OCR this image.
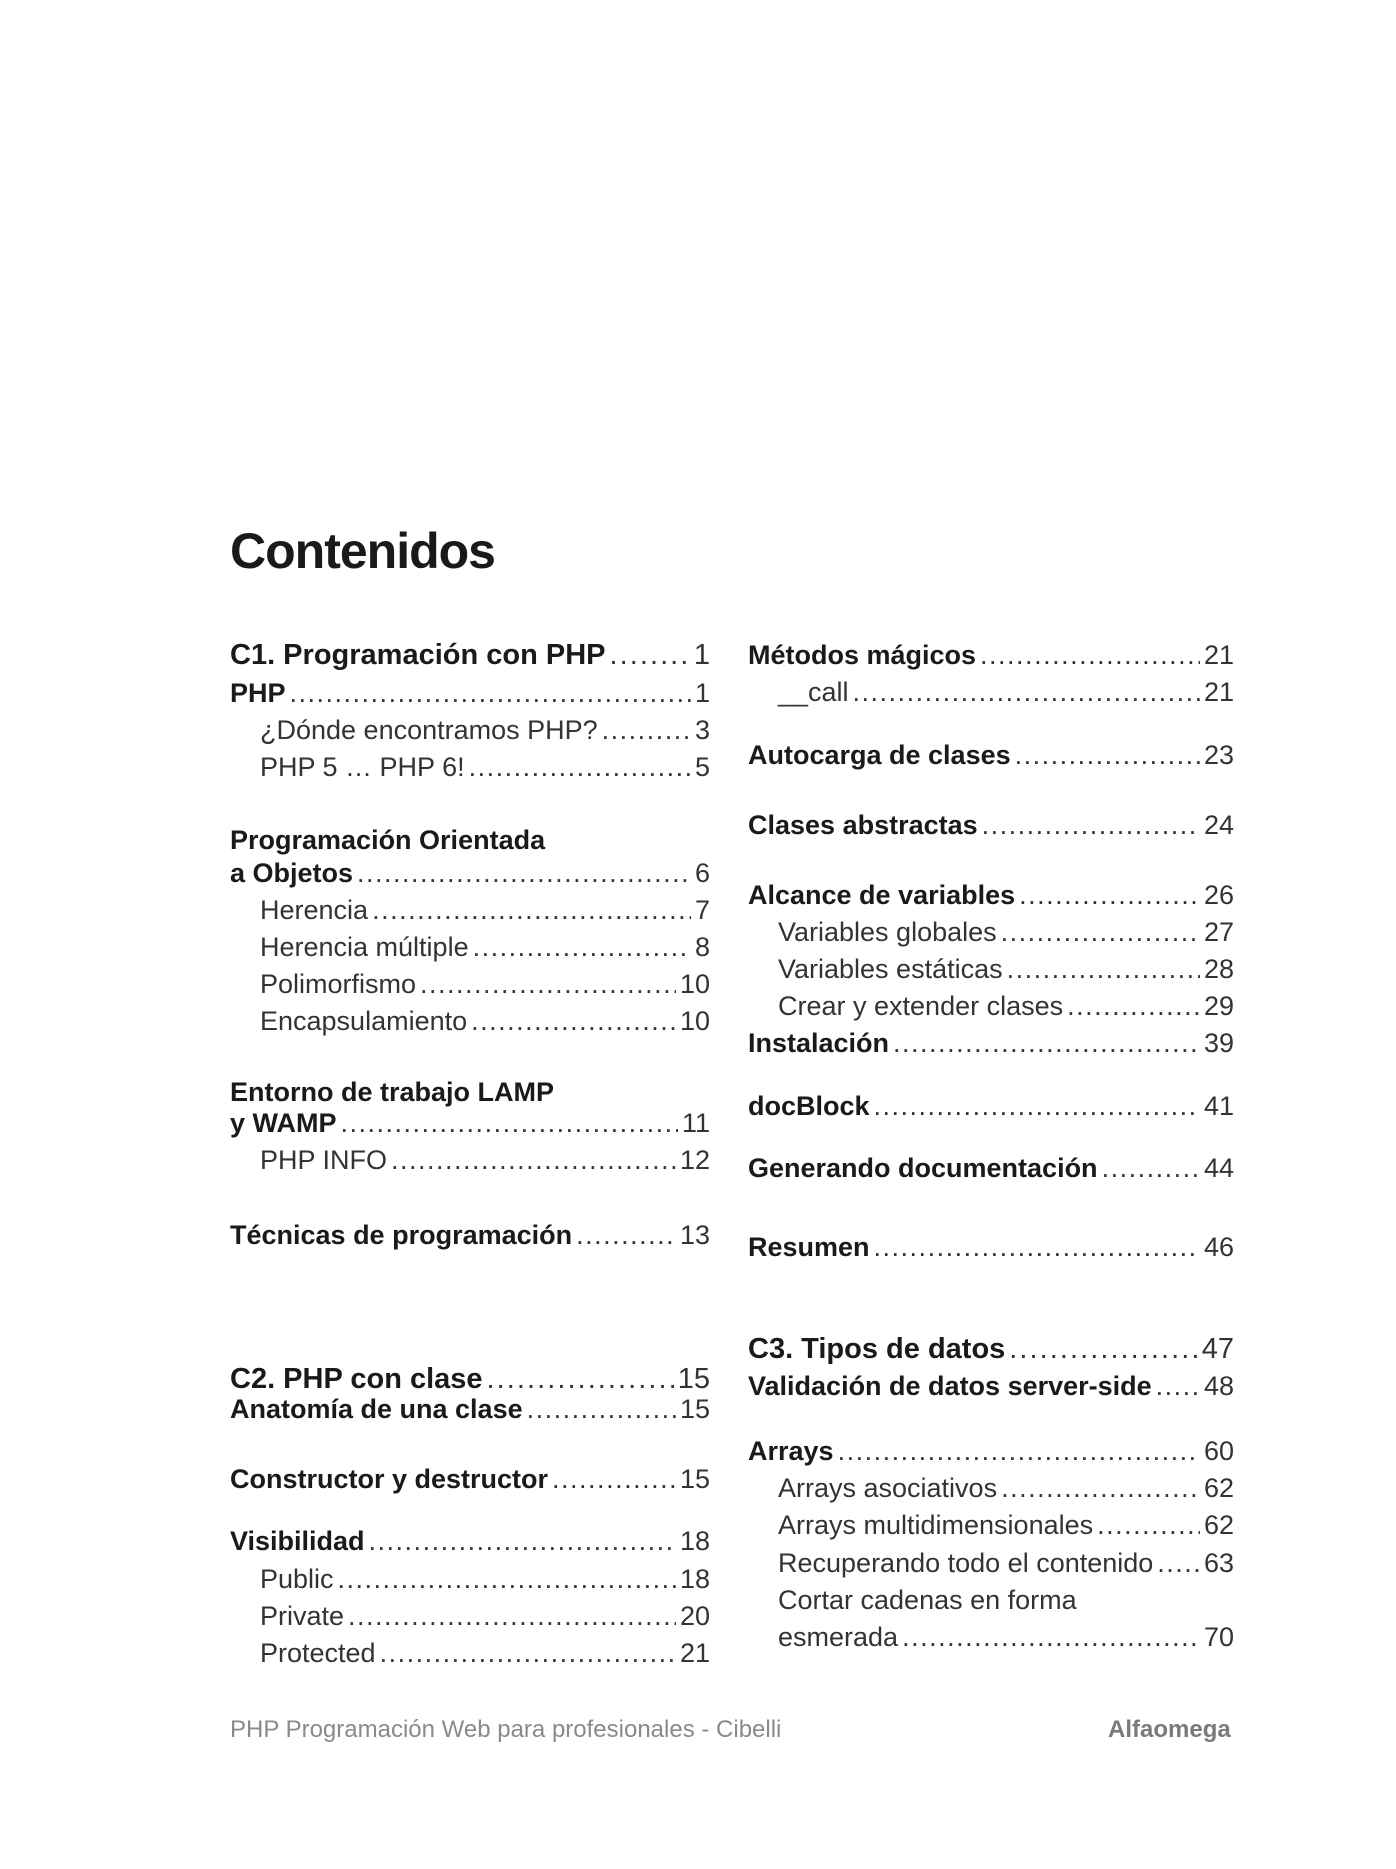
Contenidos
C1. Programación con PHP . . .	1
PHP . . .	1
¿Dónde encontramos PHP? . . .	3
PHP 5 … PHP 6! . . .	5
Programación Orientada
a Objetos . . .	6
Herencia . . .	7
Herencia múltiple . . .	8
Polimorfismo . . .	10
Encapsulamiento . . .	10
Entorno de trabajo LAMP
y WAMP . . .	11
PHP INFO . . .	12
Técnicas de programación . . .	13
C2. PHP con clase . . .	15
Anatomía de una clase . . .	15
Constructor y destructor . . .	15
Visibilidad . . .	18
Public . . .	18
Private . . .	20
Protected . . .	21
Métodos mágicos . . .	21
__call . . .	21
Autocarga de clases . . .	23
Clases abstractas . . .	24
Alcance de variables . . .	26
Variables globales . . .	27
Variables estáticas . . .	28
Crear y extender clases . . .	29
Instalación . . .	39
docBlock . . .	41
Generando documentación . . .	44
Resumen . . .	46
C3. Tipos de datos . . .	47
Validación de datos server-side . . . 48
Arrays . . .	60
Arrays asociativos . . .	62
Arrays multidimensionales . . .	62
Recuperando todo el contenido . . . 63
Cortar cadenas en forma
esmerada . . .	70
PHP Programación Web para profesionales - Cibelli	Alfaomega
